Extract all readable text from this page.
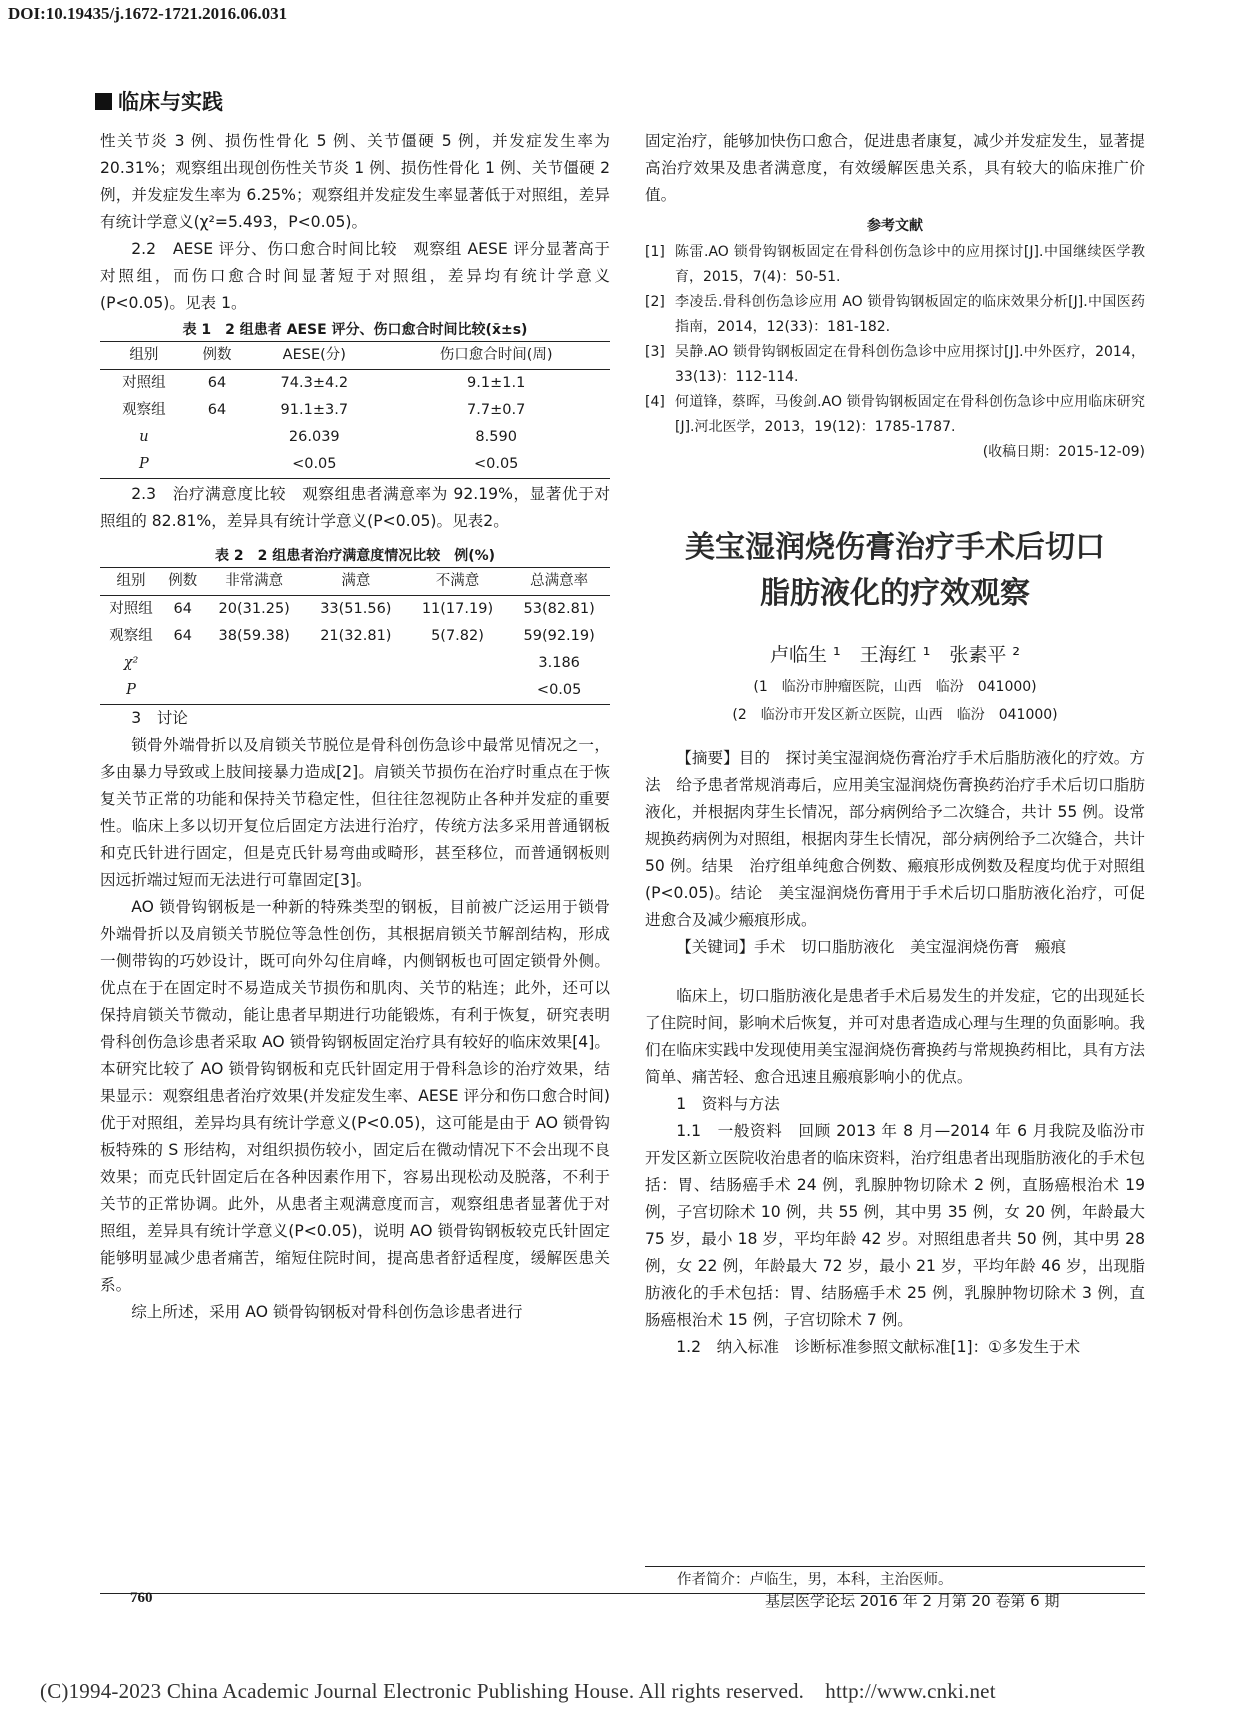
DOI:10.19435/j.1672-1721.2016.06.031
临床与实践

性关节炎 3 例、损伤性骨化 5 例、关节僵硬 5 例，并发症发生率为 20.31%；观察组出现创伤性关节炎 1 例、损伤性骨化 1 例、关节僵硬 2 例，并发症发生率为 6.25%；观察组并发症发生率显著低于对照组，差异有统计学意义(χ²=5.493，P<0.05)。

2.2　AESE 评分、伤口愈合时间比较　观察组 AESE 评分显著高于对照组，而伤口愈合时间显著短于对照组，差异均有统计学意义(P<0.05)。见表 1。

表 1　2 组患者 AESE 评分、伤口愈合时间比较(x̄±s)
组别	例数	AESE(分)	伤口愈合时间(周)
对照组	64	74.3±4.2	9.1±1.1
观察组	64	91.1±3.7	7.7±0.7
u		26.039	8.590
P		<0.05	<0.05

2.3　治疗满意度比较　观察组患者满意率为 92.19%，显著优于对照组的 82.81%，差异具有统计学意义(P<0.05)。见表2。

表 2　2 组患者治疗满意度情况比较　例(%)
组别	例数	非常满意	满意	不满意	总满意率
对照组	64	20(31.25)	33(51.56)	11(17.19)	53(82.81)
观察组	64	38(59.38)	21(32.81)	5(7.82)	59(92.19)
χ²					3.186
P					<0.05

3　讨论

锁骨外端骨折以及肩锁关节脱位是骨科创伤急诊中最常见情况之一，多由暴力导致或上肢间接暴力造成[2]。肩锁关节损伤在治疗时重点在于恢复关节正常的功能和保持关节稳定性，但往往忽视防止各种并发症的重要性。临床上多以切开复位后固定方法进行治疗，传统方法多采用普通钢板和克氏针进行固定，但是克氏针易弯曲或畸形，甚至移位，而普通钢板则因远折端过短而无法进行可靠固定[3]。

AO 锁骨钩钢板是一种新的特殊类型的钢板，目前被广泛运用于锁骨外端骨折以及肩锁关节脱位等急性创伤，其根据肩锁关节解剖结构，形成一侧带钩的巧妙设计，既可向外勾住肩峰，内侧钢板也可固定锁骨外侧。优点在于在固定时不易造成关节损伤和肌肉、关节的粘连；此外，还可以保持肩锁关节微动，能让患者早期进行功能锻炼，有利于恢复，研究表明骨科创伤急诊患者采取 AO 锁骨钩钢板固定治疗具有较好的临床效果[4]。本研究比较了 AO 锁骨钩钢板和克氏针固定用于骨科急诊的治疗效果，结果显示：观察组患者治疗效果(并发症发生率、AESE 评分和伤口愈合时间)优于对照组，差异均具有统计学意义(P<0.05)，这可能是由于 AO 锁骨钩板特殊的 S 形结构，对组织损伤较小，固定后在微动情况下不会出现不良效果；而克氏针固定后在各种因素作用下，容易出现松动及脱落，不利于关节的正常协调。此外，从患者主观满意度而言，观察组患者显著优于对照组，差异具有统计学意义(P<0.05)，说明 AO 锁骨钩钢板较克氏针固定能够明显减少患者痛苦，缩短住院时间，提高患者舒适程度，缓解医患关系。

综上所述，采用 AO 锁骨钩钢板对骨科创伤急诊患者进行

固定治疗，能够加快伤口愈合，促进患者康复，减少并发症发生，显著提高治疗效果及患者满意度，有效缓解医患关系，具有较大的临床推广价值。

参考文献
[1] 陈雷.AO 锁骨钩钢板固定在骨科创伤急诊中的应用探讨[J].中国继续医学教育，2015，7(4)：50-51.
[2] 李凌岳.骨科创伤急诊应用 AO 锁骨钩钢板固定的临床效果分析[J].中国医药指南，2014，12(33)：181-182.
[3] 吴静.AO 锁骨钩钢板固定在骨科创伤急诊中应用探讨[J].中外医疗，2014，33(13)：112-114.
[4] 何道锋，蔡晖，马俊剑.AO 锁骨钩钢板固定在骨科创伤急诊中应用临床研究[J].河北医学，2013，19(12)：1785-1787.
(收稿日期：2015-12-09)
美宝湿润烧伤膏治疗手术后切口
脂肪液化的疗效观察
卢临生 ¹　王海红 ¹　张素平 ²
(1　临汾市肿瘤医院，山西　临汾　041000)
(2　临汾市开发区新立医院，山西　临汾　041000)

【摘要】目的　探讨美宝湿润烧伤膏治疗手术后脂肪液化的疗效。方法　给予患者常规消毒后，应用美宝湿润烧伤膏换药治疗手术后切口脂肪液化，并根据肉芽生长情况，部分病例给予二次缝合，共计 55 例。设常规换药病例为对照组，根据肉芽生长情况，部分病例给予二次缝合，共计 50 例。结果　治疗组单纯愈合例数、瘢痕形成例数及程度均优于对照组(P<0.05)。结论　美宝湿润烧伤膏用于手术后切口脂肪液化治疗，可促进愈合及减少瘢痕形成。

【关键词】手术　切口脂肪液化　美宝湿润烧伤膏　瘢痕

临床上，切口脂肪液化是患者手术后易发生的并发症，它的出现延长了住院时间，影响术后恢复，并可对患者造成心理与生理的负面影响。我们在临床实践中发现使用美宝湿润烧伤膏换药与常规换药相比，具有方法简单、痛苦轻、愈合迅速且瘢痕影响小的优点。

1　资料与方法

1.1　一般资料　回顾 2013 年 8 月—2014 年 6 月我院及临汾市开发区新立医院收治患者的临床资料，治疗组患者出现脂肪液化的手术包括：胃、结肠癌手术 24 例，乳腺肿物切除术 2 例，直肠癌根治术 19 例，子宫切除术 10 例，共 55 例，其中男 35 例，女 20 例，年龄最大 75 岁，最小 18 岁，平均年龄 42 岁。对照组患者共 50 例，其中男 28 例，女 22 例，年龄最大 72 岁，最小 21 岁，平均年龄 46 岁，出现脂肪液化的手术包括：胃、结肠癌手术 25 例，乳腺肿物切除术 3 例，直肠癌根治术 15 例，子宫切除术 7 例。

1.2　纳入标准　诊断标准参照文献标准[1]：①多发生于术

作者简介：卢临生，男，本科，主治医师。
760	基层医学论坛 2016 年 2 月第 20 卷第 6 期
(C)1994-2023 China Academic Journal Electronic Publishing House. All rights reserved.　http://www.cnki.net
